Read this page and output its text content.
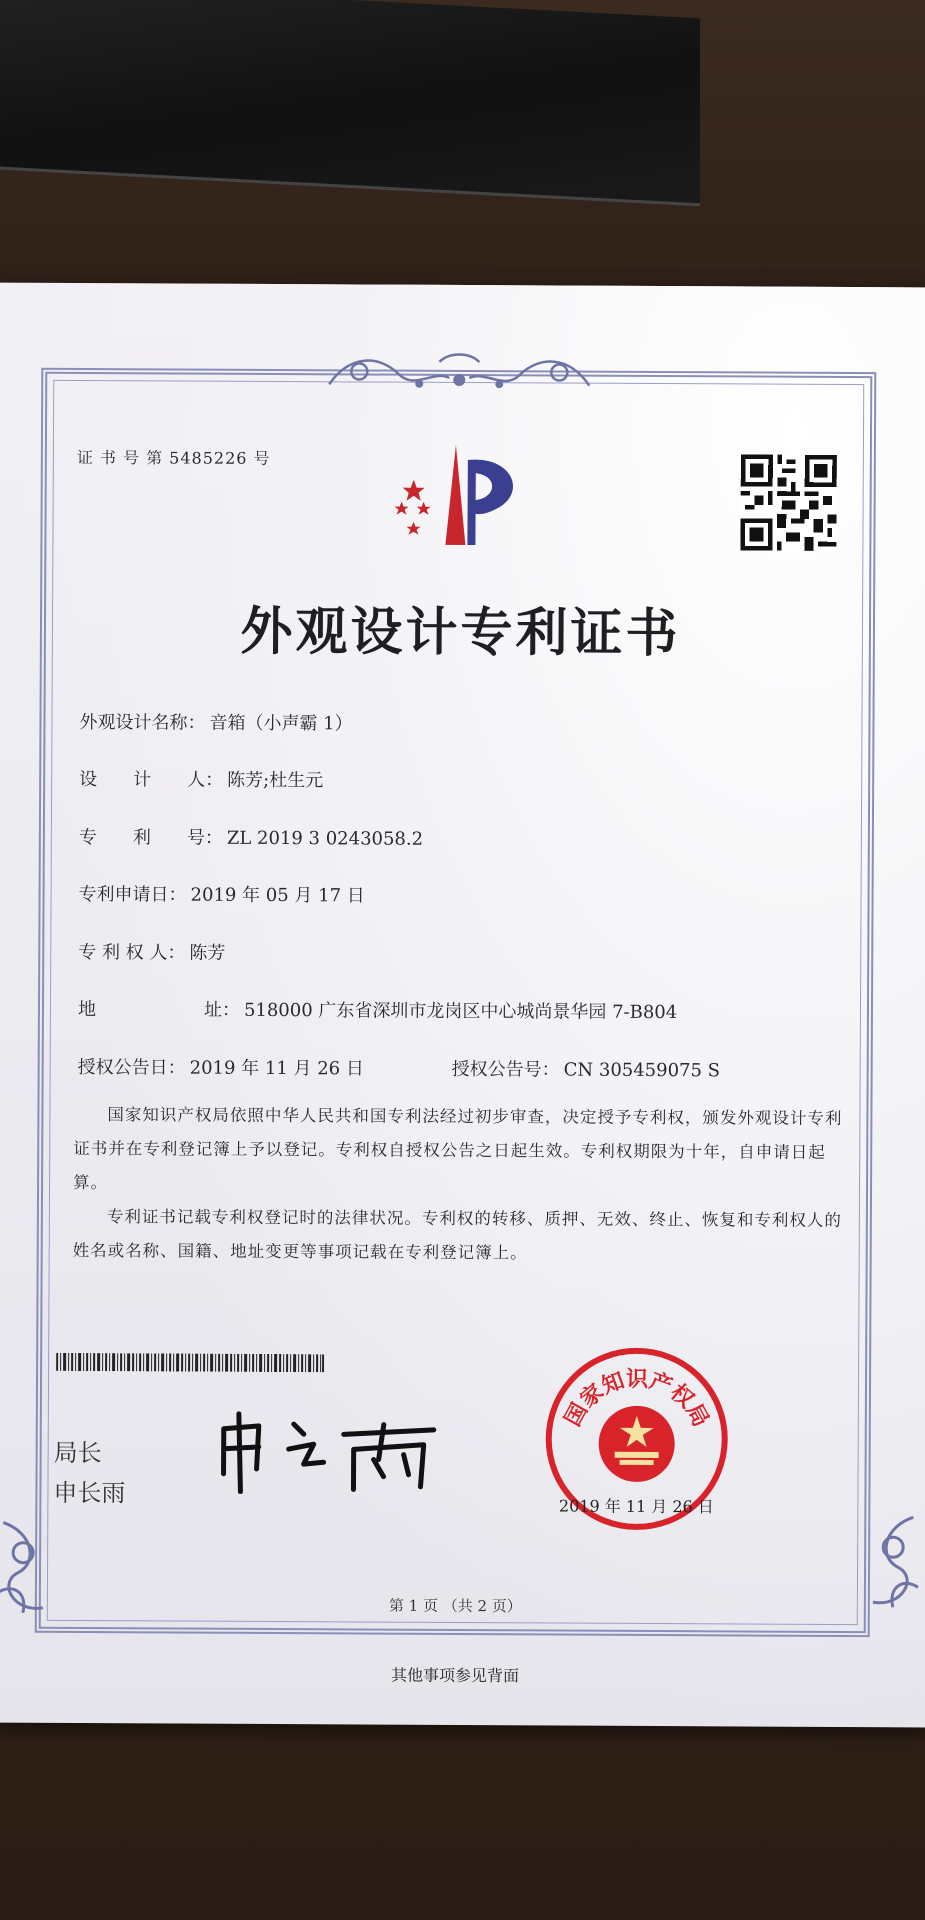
证 书 号 第 5485226 号
外观设计专利证书
外观设计名称： 音箱（小声霸 1）
设　　计　　人： 陈芳;杜生元
专　　利　　号： ZL 2019 3 0243058.2
专利申请日： 2019 年 05 月 17 日
专 利 权 人： 陈芳
地　　　　　　址： 518000 广东省深圳市龙岗区中心城尚景华园 7-B804
授权公告日： 2019 年 11 月 26 日	授权公告号： CN 305459075 S
国家知识产权局依照中华人民共和国专利法经过初步审查，决定授予专利权，颁发外观设计专利证书并在专利登记簿上予以登记。专利权自授权公告之日起生效。专利权期限为十年，自申请日起算。
专利证书记载专利权登记时的法律状况。专利权的转移、质押、无效、终止、恢复和专利权人的姓名或名称、国籍、地址变更等事项记载在专利登记簿上。
局长
申长雨
国家知识产权局
2019 年 11 月 26 日
第 1 页 （共 2 页）
其他事项参见背面
